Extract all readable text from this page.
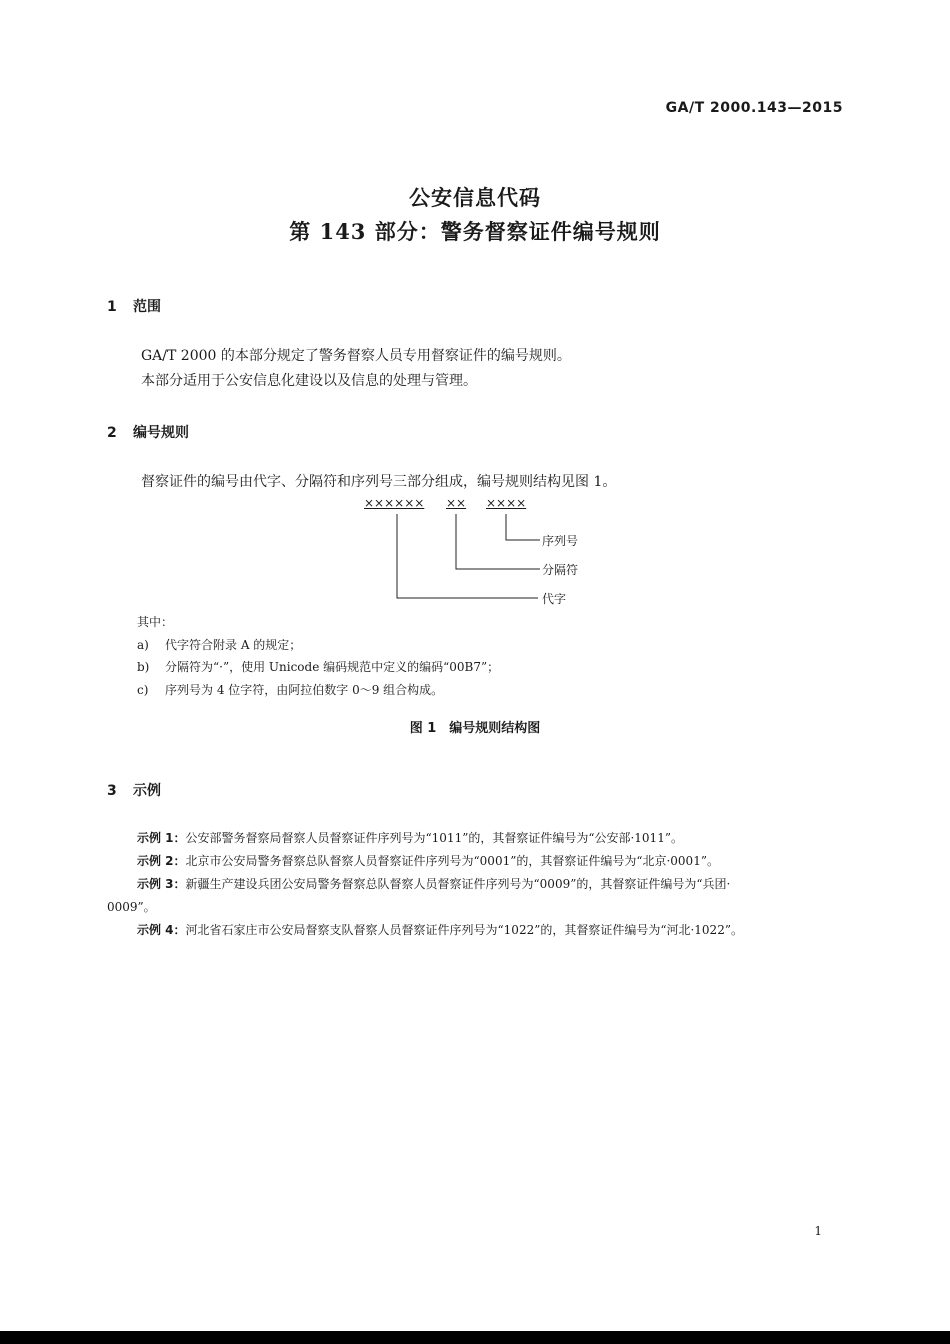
GA/T 2000.143—2015
公安信息代码
第 143 部分：警务督察证件编号规则
1 范围
GA/T 2000 的本部分规定了警务督察人员专用督察证件的编号规则。
本部分适用于公安信息化建设以及信息的处理与管理。
2 编号规则
督察证件的编号由代字、分隔符和序列号三部分组成，编号规则结构见图 1。
×××××× ×× ××××
序列号
分隔符
代字
其中：
a) 代字符合附录 A 的规定；
b) 分隔符为“·”，使用 Unicode 编码规范中定义的编码“00B7”；
c) 序列号为 4 位字符，由阿拉伯数字 0～9 组合构成。
图 1　编号规则结构图
3 示例
示例 1：公安部警务督察局督察人员督察证件序列号为“1011”的，其督察证件编号为“公安部·1011”。
示例 2：北京市公安局警务督察总队督察人员督察证件序列号为“0001”的，其督察证件编号为“北京·0001”。
示例 3：新疆生产建设兵团公安局警务督察总队督察人员督察证件序列号为“0009”的，其督察证件编号为“兵团·
0009”。
示例 4：河北省石家庄市公安局督察支队督察人员督察证件序列号为“1022”的，其督察证件编号为“河北·1022”。
1
